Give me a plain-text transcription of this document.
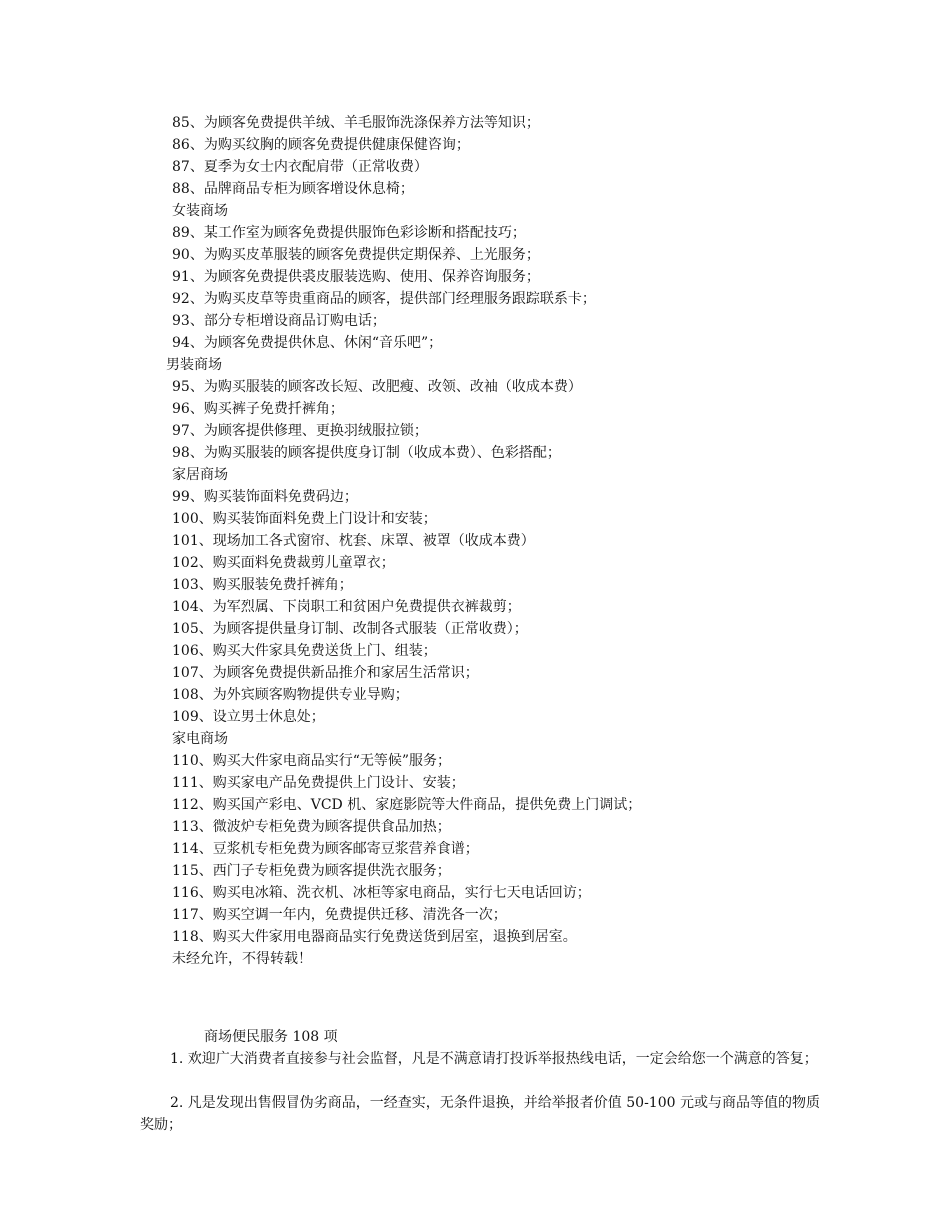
85、为顾客免费提供羊绒、羊毛服饰洗涤保养方法等知识；
86、为购买纹胸的顾客免费提供健康保健咨询；
87、夏季为女士内衣配肩带（正常收费）
88、品牌商品专柜为顾客增设休息椅；
女装商场
89、某工作室为顾客免费提供服饰色彩诊断和搭配技巧；
90、为购买皮革服装的顾客免费提供定期保养、上光服务；
91、为顾客免费提供裘皮服装选购、使用、保养咨询服务；
92、为购买皮草等贵重商品的顾客，提供部门经理服务跟踪联系卡；
93、部分专柜增设商品订购电话；
94、为顾客免费提供休息、休闲“音乐吧”；
男装商场
95、为购买服装的顾客改长短、改肥瘦、改领、改袖（收成本费）
96、购买裤子免费扦裤角；
97、为顾客提供修理、更换羽绒服拉锁；
98、为购买服装的顾客提供度身订制（收成本费）、色彩搭配；
家居商场
99、购买装饰面料免费码边；
100、购买装饰面料免费上门设计和安装；
101、现场加工各式窗帘、枕套、床罩、被罩（收成本费）
102、购买面料免费裁剪儿童罩衣；
103、购买服装免费扦裤角；
104、为军烈属、下岗职工和贫困户免费提供衣裤裁剪；
105、为顾客提供量身订制、改制各式服装（正常收费）；
106、购买大件家具免费送货上门、组装；
107、为顾客免费提供新品推介和家居生活常识；
108、为外宾顾客购物提供专业导购；
109、设立男士休息处；
家电商场
110、购买大件家电商品实行“无等候”服务；
111、购买家电产品免费提供上门设计、安装；
112、购买国产彩电、VCD 机、家庭影院等大件商品，提供免费上门调试；
113、微波炉专柜免费为顾客提供食品加热；
114、豆浆机专柜免费为顾客邮寄豆浆营养食谱；
115、西门子专柜免费为顾客提供洗衣服务；
116、购买电冰箱、洗衣机、冰柜等家电商品，实行七天电话回访；
117、购买空调一年内，免费提供迁移、清洗各一次；
118、购买大件家用电器商品实行免费送货到居室，退换到居室。
未经允许，不得转载！
商场便民服务 108 项
1. 欢迎广大消费者直接参与社会监督，凡是不满意请打投诉举报热线电话，一定会给您一个满意的答复；
2. 凡是发现出售假冒伪劣商品，一经查实，无条件退换，并给举报者价值 50-100 元或与商品等值的物质奖励；
